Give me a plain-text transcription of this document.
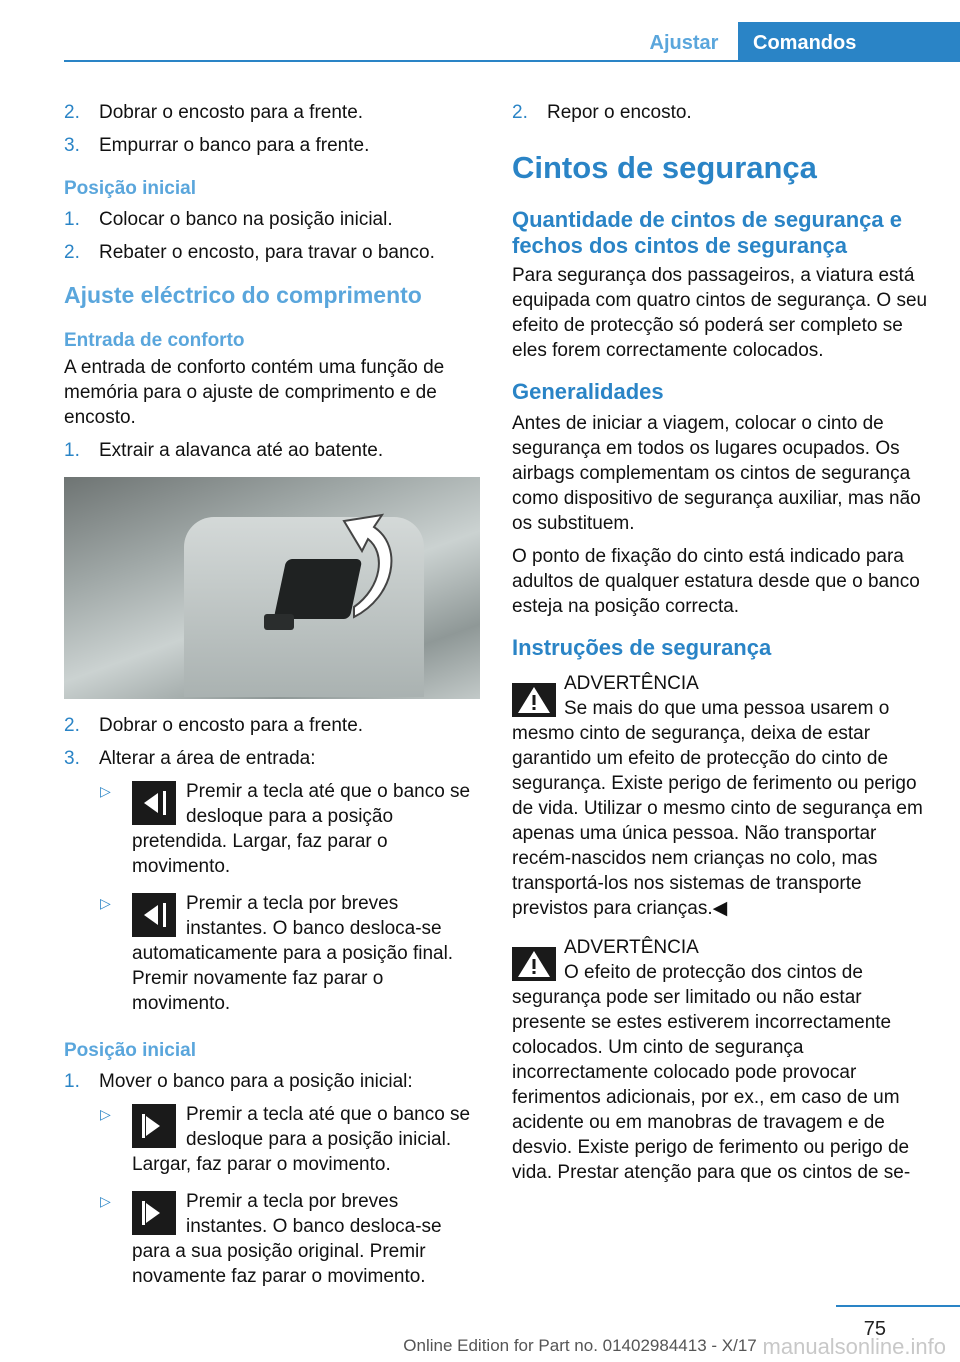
Ajustar	Comandos
2. Dobrar o encosto para a frente.
3. Empurrar o banco para a frente.
Posição inicial
1. Colocar o banco na posição inicial.
2. Rebater o encosto, para travar o banco.
Ajuste eléctrico do comprimento
Entrada de conforto

A entrada de conforto contém uma função de memória para o ajuste de comprimento e de encosto.

1. Extrair a alavanca até ao batente.
2. Dobrar o encosto para a frente.
3. Alterar a área de entrada:
▷	Premir a tecla até que o banco se desloque para a posição pretendida. Largar, faz parar o movimento.
▷	Premir a tecla por breves instantes. O banco desloca-se automaticamente para a posição final. Premir novamente faz parar o movimento.
Posição inicial
1. Mover o banco para a posição inicial:
▷	Premir a tecla até que o banco se desloque para a posição inicial. Largar, faz parar o movimento.
▷	Premir a tecla por breves instantes. O banco desloca-se para a sua posição original. Premir novamente faz parar o movimento.
2. Repor o encosto.
Cintos de segurança
Quantidade de cintos de segurança e fechos dos cintos de segurança

Para segurança dos passageiros, a viatura está equipada com quatro cintos de segurança. O seu efeito de protecção só poderá ser completo se eles forem correctamente colocados.

Generalidades

Antes de iniciar a viagem, colocar o cinto de segurança em todos os lugares ocupados. Os airbags complementam os cintos de segurança como dispositivo de segurança auxiliar, mas não os substituem.

O ponto de fixação do cinto está indicado para adultos de qualquer estatura desde que o banco esteja na posição correcta.

Instruções de segurança
ADVERTÊNCIA
Se mais do que uma pessoa usarem o mesmo cinto de segurança, deixa de estar garantido um efeito de protecção do cinto de segurança. Existe perigo de ferimento ou perigo de vida. Utilizar o mesmo cinto de segurança em apenas uma única pessoa. Não transportar recém-nascidos nem crianças no colo, mas transportá-los nos sistemas de transporte previstos para crianças.◀
ADVERTÊNCIA
O efeito de protecção dos cintos de segurança pode ser limitado ou não estar presente se estes estiverem incorrectamente colocados. Um cinto de segurança incorrectamente colocado pode provocar ferimentos adicionais, por ex., em caso de um acidente ou em manobras de travagem e de desvio. Existe perigo de ferimento ou perigo de vida. Prestar atenção para que os cintos de se-
75
Online Edition for Part no. 01402984413 - X/17 manualsonline.info
